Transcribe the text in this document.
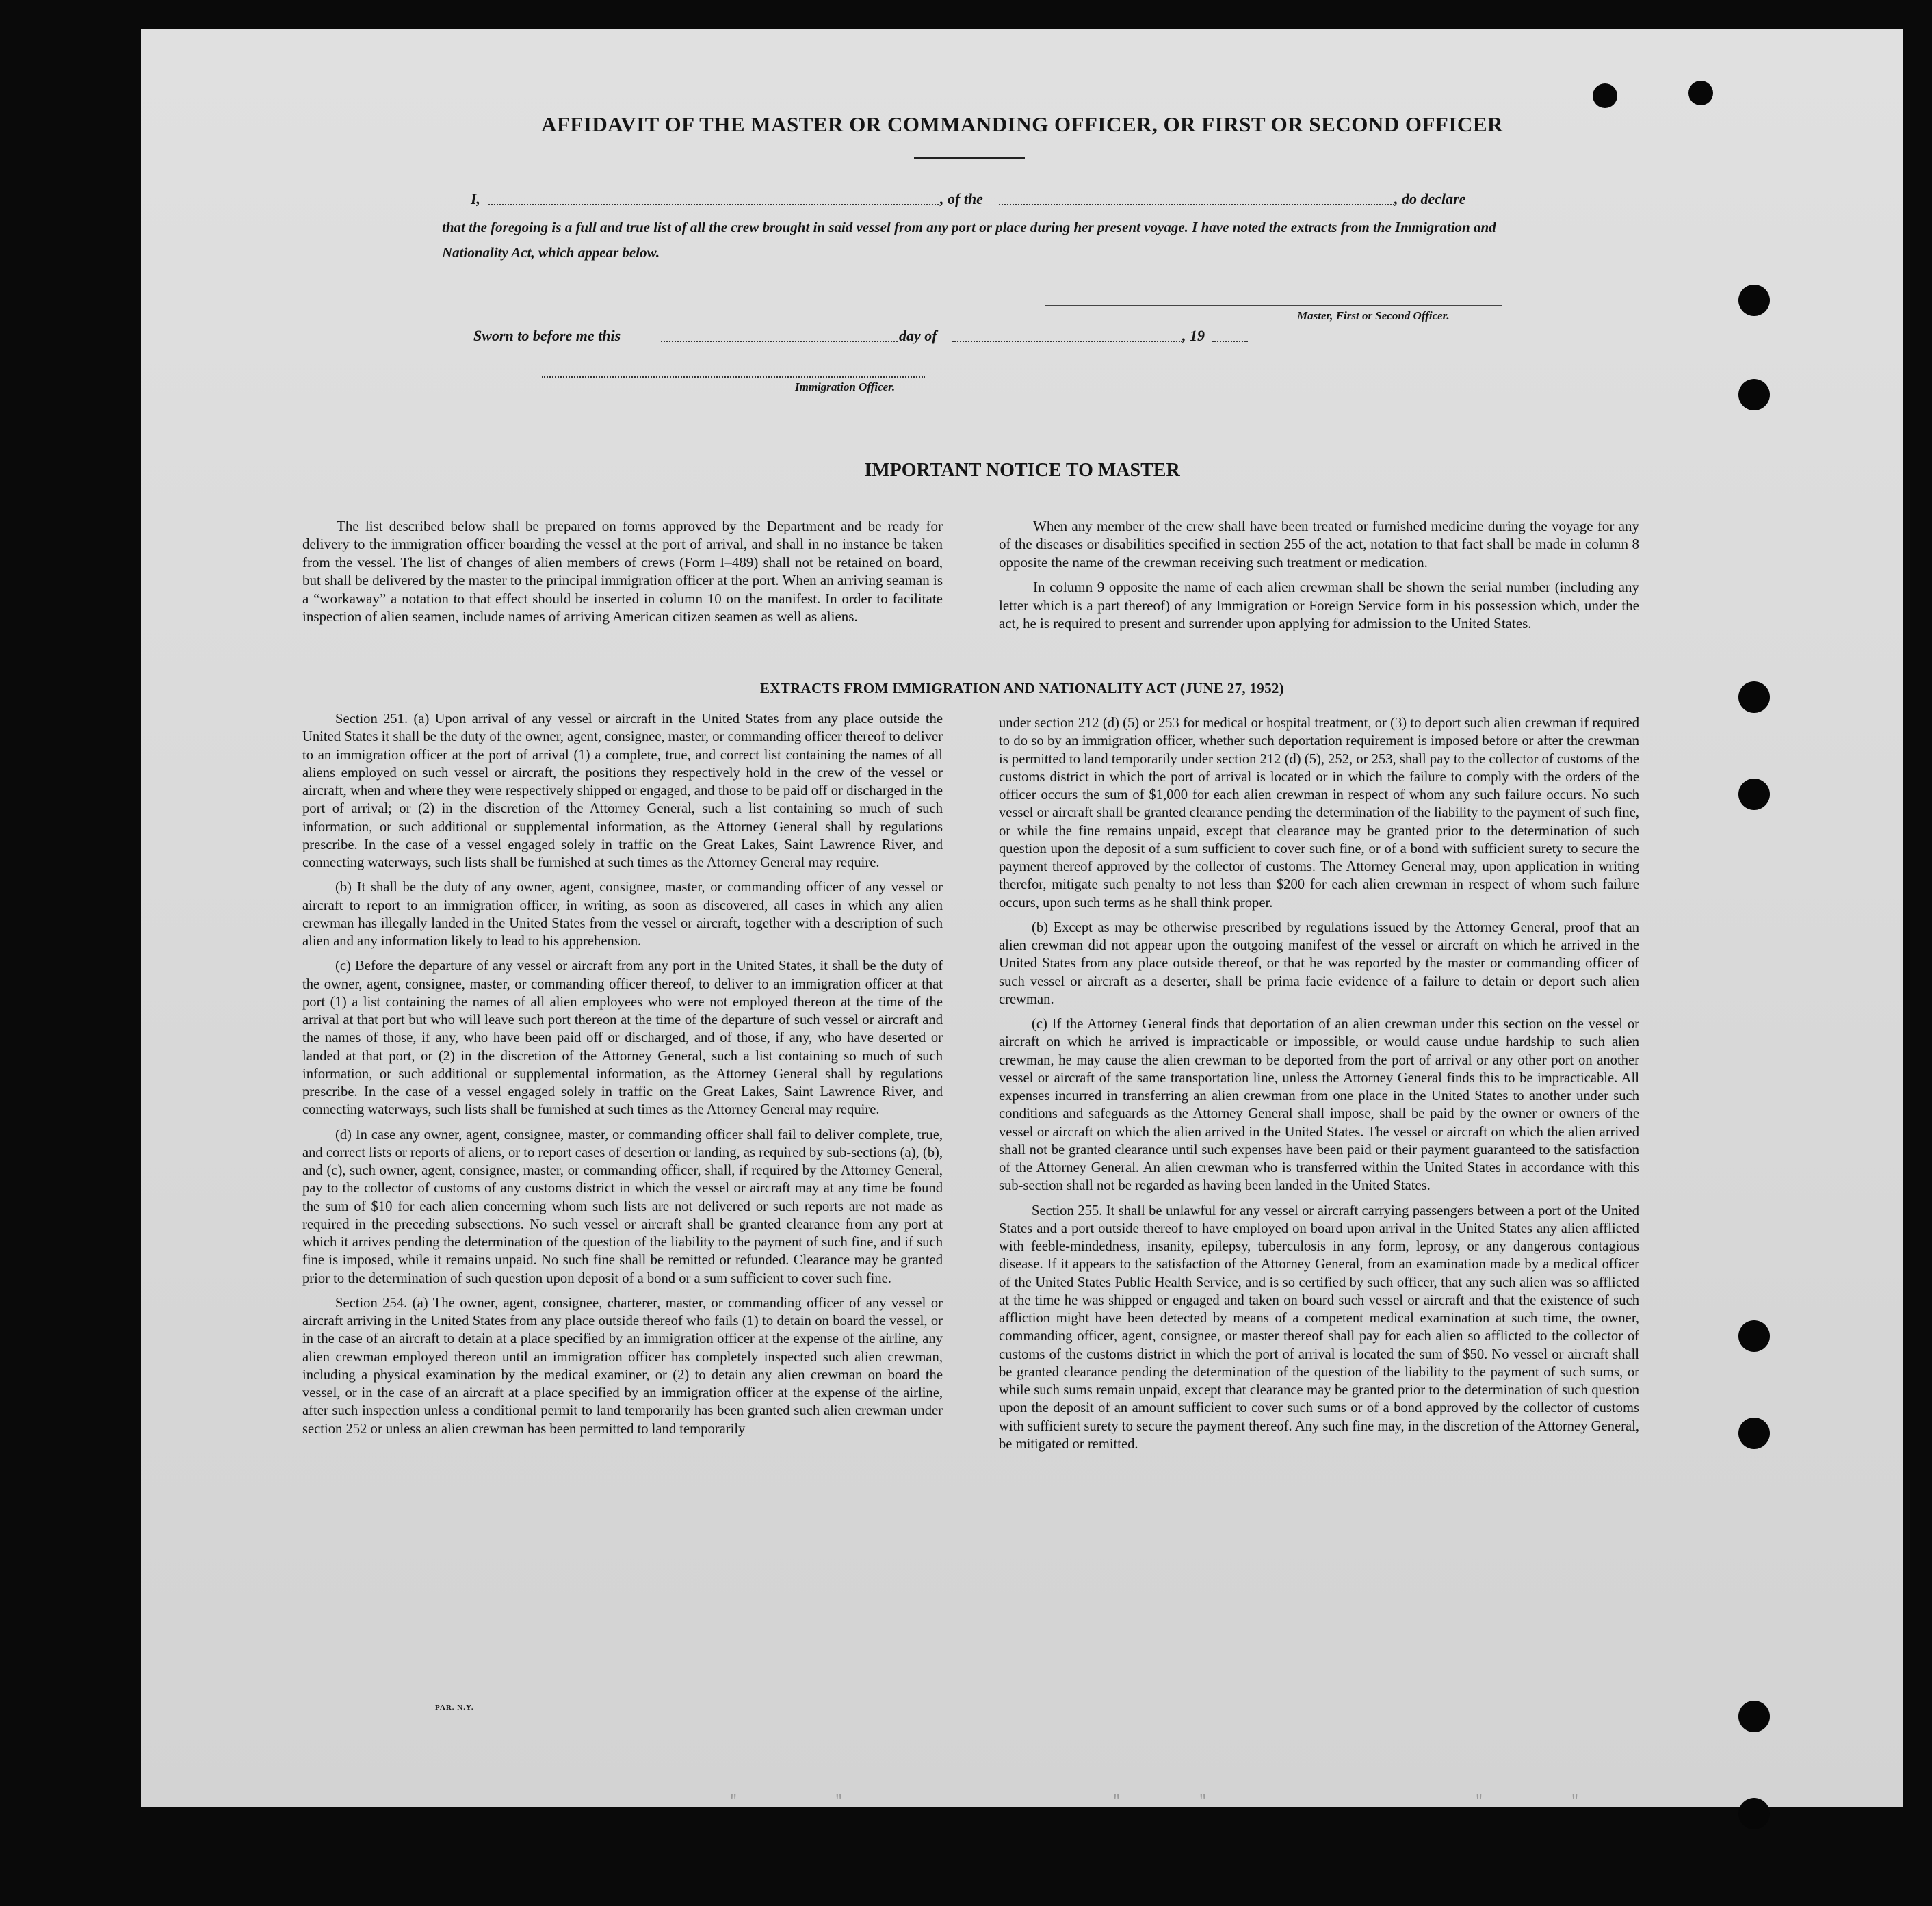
AFFIDAVIT OF THE MASTER OR COMMANDING OFFICER, OR FIRST OR SECOND OFFICER
I,	, of the	, do declare
that the foregoing is a full and true list of all the crew brought in said vessel from any port or place during her present voyage. I have noted the extracts from the Immigration and Nationality Act, which appear below.
Master, First or Second Officer.
Sworn to before me this	day of	, 19
Immigration Officer.
IMPORTANT NOTICE TO MASTER

The list described below shall be prepared on forms approved by the Department and be ready for delivery to the immigration officer boarding the vessel at the port of arrival, and shall in no instance be taken from the vessel. The list of changes of alien members of crews (Form I–489) shall not be retained on board, but shall be delivered by the master to the principal immigration officer at the port. When an arriving seaman is a “workaway” a notation to that effect should be inserted in column 10 on the manifest. In order to facilitate inspection of alien seamen, include names of arriving American citizen seamen as well as aliens.

When any member of the crew shall have been treated or furnished medicine during the voyage for any of the diseases or disabilities specified in section 255 of the act, notation to that fact shall be made in column 8 opposite the name of the crewman receiving such treatment or medication.

In column 9 opposite the name of each alien crewman shall be shown the serial number (including any letter which is a part thereof) of any Immigration or Foreign Service form in his possession which, under the act, he is required to present and surrender upon applying for admission to the United States.

EXTRACTS FROM IMMIGRATION AND NATIONALITY ACT (JUNE 27, 1952)

Section 251. (a) Upon arrival of any vessel or aircraft in the United States from any place outside the United States it shall be the duty of the owner, agent, consignee, master, or commanding officer thereof to deliver to an immigration officer at the port of arrival (1) a complete, true, and correct list containing the names of all aliens employed on such vessel or aircraft, the positions they respectively hold in the crew of the vessel or aircraft, when and where they were respectively shipped or engaged, and those to be paid off or discharged in the port of arrival; or (2) in the discretion of the Attorney General, such a list containing so much of such information, or such additional or supplemental information, as the Attorney General shall by regulations prescribe. In the case of a vessel engaged solely in traffic on the Great Lakes, Saint Lawrence River, and connecting waterways, such lists shall be furnished at such times as the Attorney General may require.

(b) It shall be the duty of any owner, agent, consignee, master, or commanding officer of any vessel or aircraft to report to an immigration officer, in writing, as soon as discovered, all cases in which any alien crewman has illegally landed in the United States from the vessel or aircraft, together with a description of such alien and any information likely to lead to his apprehension.

(c) Before the departure of any vessel or aircraft from any port in the United States, it shall be the duty of the owner, agent, consignee, master, or commanding officer thereof, to deliver to an immigration officer at that port (1) a list containing the names of all alien employees who were not employed thereon at the time of the arrival at that port but who will leave such port thereon at the time of the departure of such vessel or aircraft and the names of those, if any, who have been paid off or discharged, and of those, if any, who have deserted or landed at that port, or (2) in the discretion of the Attorney General, such a list containing so much of such information, or such additional or supplemental information, as the Attorney General shall by regulations prescribe. In the case of a vessel engaged solely in traffic on the Great Lakes, Saint Lawrence River, and connecting waterways, such lists shall be furnished at such times as the Attorney General may require.

(d) In case any owner, agent, consignee, master, or commanding officer shall fail to deliver complete, true, and correct lists or reports of aliens, or to report cases of desertion or landing, as required by sub-sections (a), (b), and (c), such owner, agent, consignee, master, or commanding officer, shall, if required by the Attorney General, pay to the collector of customs of any customs district in which the vessel or aircraft may at any time be found the sum of $10 for each alien concerning whom such lists are not delivered or such reports are not made as required in the preceding subsections. No such vessel or aircraft shall be granted clearance from any port at which it arrives pending the determination of the question of the liability to the payment of such fine, and if such fine is imposed, while it remains unpaid. No such fine shall be remitted or refunded. Clearance may be granted prior to the determination of such question upon deposit of a bond or a sum sufficient to cover such fine.

Section 254. (a) The owner, agent, consignee, charterer, master, or commanding officer of any vessel or aircraft arriving in the United States from any place outside thereof who fails (1) to detain on board the vessel, or in the case of an aircraft to detain at a place specified by an immigration officer at the expense of the airline, any alien crewman employed thereon until an immigration officer has completely inspected such alien crewman, including a physical examination by the medical examiner, or (2) to detain any alien crewman on board the vessel, or in the case of an aircraft at a place specified by an immigration officer at the expense of the airline, after such inspection unless a conditional permit to land temporarily has been granted such alien crewman under section 252 or unless an alien crewman has been permitted to land temporarily

under section 212 (d) (5) or 253 for medical or hospital treatment, or (3) to deport such alien crewman if required to do so by an immigration officer, whether such deportation requirement is imposed before or after the crewman is permitted to land temporarily under section 212 (d) (5), 252, or 253, shall pay to the collector of customs of the customs district in which the port of arrival is located or in which the failure to comply with the orders of the officer occurs the sum of $1,000 for each alien crewman in respect of whom any such failure occurs. No such vessel or aircraft shall be granted clearance pending the determination of the liability to the payment of such fine, or while the fine remains unpaid, except that clearance may be granted prior to the determination of such question upon the deposit of a sum sufficient to cover such fine, or of a bond with sufficient surety to secure the payment thereof approved by the collector of customs. The Attorney General may, upon application in writing therefor, mitigate such penalty to not less than $200 for each alien crewman in respect of whom such failure occurs, upon such terms as he shall think proper.

(b) Except as may be otherwise prescribed by regulations issued by the Attorney General, proof that an alien crewman did not appear upon the outgoing manifest of the vessel or aircraft on which he arrived in the United States from any place outside thereof, or that he was reported by the master or commanding officer of such vessel or aircraft as a deserter, shall be prima facie evidence of a failure to detain or deport such alien crewman.

(c) If the Attorney General finds that deportation of an alien crewman under this section on the vessel or aircraft on which he arrived is impracticable or impossible, or would cause undue hardship to such alien crewman, he may cause the alien crewman to be deported from the port of arrival or any other port on another vessel or aircraft of the same transportation line, unless the Attorney General finds this to be impracticable. All expenses incurred in transferring an alien crewman from one place in the United States to another under such conditions and safeguards as the Attorney General shall impose, shall be paid by the owner or owners of the vessel or aircraft on which the alien arrived in the United States. The vessel or aircraft on which the alien arrived shall not be granted clearance until such expenses have been paid or their payment guaranteed to the satisfaction of the Attorney General. An alien crewman who is transferred within the United States in accordance with this sub-section shall not be regarded as having been landed in the United States.

Section 255. It shall be unlawful for any vessel or aircraft carrying passengers between a port of the United States and a port outside thereof to have employed on board upon arrival in the United States any alien afflicted with feeble-mindedness, insanity, epilepsy, tuberculosis in any form, leprosy, or any dangerous contagious disease. If it appears to the satisfaction of the Attorney General, from an examination made by a medical officer of the United States Public Health Service, and is so certified by such officer, that any such alien was so afflicted at the time he was shipped or engaged and taken on board such vessel or aircraft and that the existence of such affliction might have been detected by means of a competent medical examination at such time, the owner, commanding officer, agent, consignee, or master thereof shall pay for each alien so afflicted to the collector of customs of the customs district in which the port of arrival is located the sum of $50. No vessel or aircraft shall be granted clearance pending the determination of the question of the liability to the payment of such sums, or while such sums remain unpaid, except that clearance may be granted prior to the determination of such question upon the deposit of an amount sufficient to cover such sums or of a bond approved by the collector of customs with sufficient surety to secure the payment thereof. Any such fine may, in the discretion of the Attorney General, be mitigated or remitted.

PAR. N.Y.
"          "	"        "	"         "
